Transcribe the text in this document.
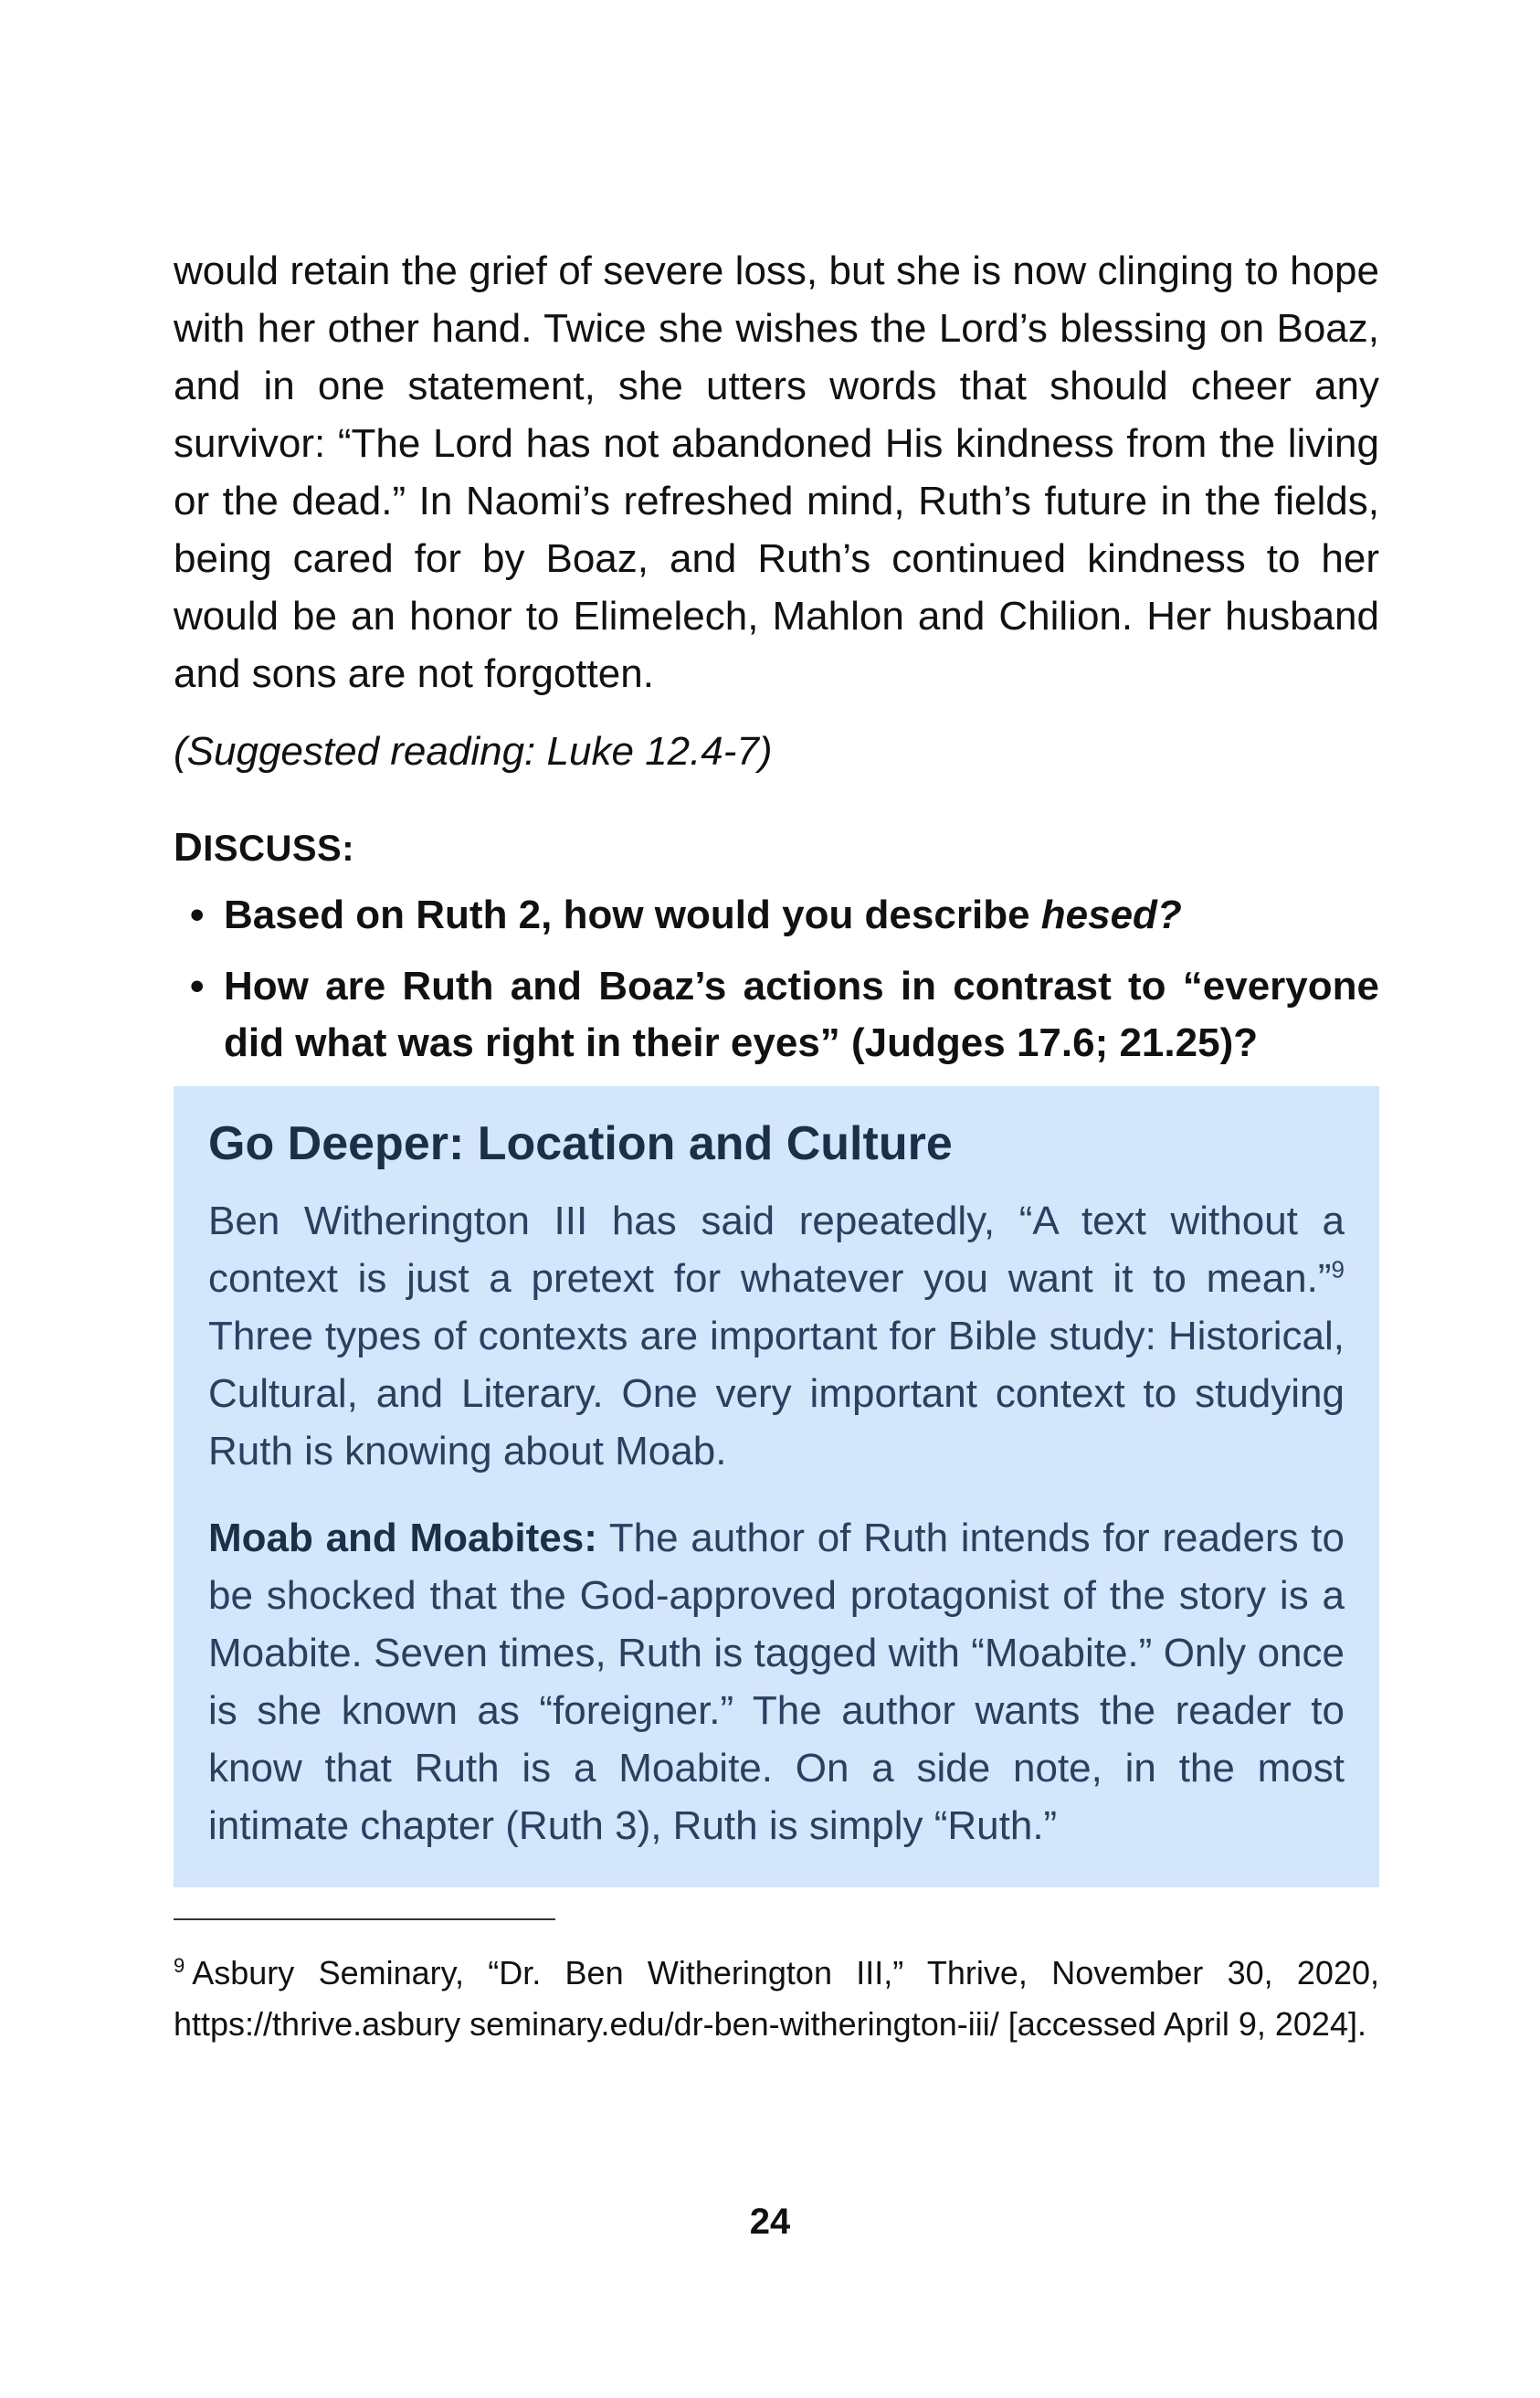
would retain the grief of severe loss, but she is now clinging to hope with her other hand. Twice she wishes the Lord’s blessing on Boaz, and in one statement, she utters words that should cheer any survivor: “The Lord has not abandoned His kindness from the living or the dead.” In Naomi’s refreshed mind, Ruth’s future in the fields, being cared for by Boaz, and Ruth’s continued kindness to her would be an honor to Elimelech, Mahlon and Chilion. Her husband and sons are not forgotten.

(Suggested reading: Luke 12.4-7)

DISCUSS:
• Based on Ruth 2, how would you describe hesed?
• How are Ruth and Boaz’s actions in contrast to “everyone did what was right in their eyes” (Judges 17.6; 21.25)?
Go Deeper: Location and Culture

Ben Witherington III has said repeatedly, “A text without a context is just a pretext for whatever you want it to mean.”$^9$ Three types of contexts are important for Bible study: Historical, Cultural, and Literary. One very important context to studying Ruth is knowing about Moab.

Moab and Moabites: The author of Ruth intends for readers to be shocked that the God-approved protagonist of the story is a Moabite. Seven times, Ruth is tagged with “Moabite.” Only once is she known as “foreigner.” The author wants the reader to know that Ruth is a Moabite. On a side note, in the most intimate chapter (Ruth 3), Ruth is simply “Ruth.”

$^9$ Asbury Seminary, “Dr. Ben Witherington III,” Thrive, November 30, 2020, https://thrive.asbury seminary.edu/dr-ben-witherington-iii/ [accessed April 9, 2024].
24
